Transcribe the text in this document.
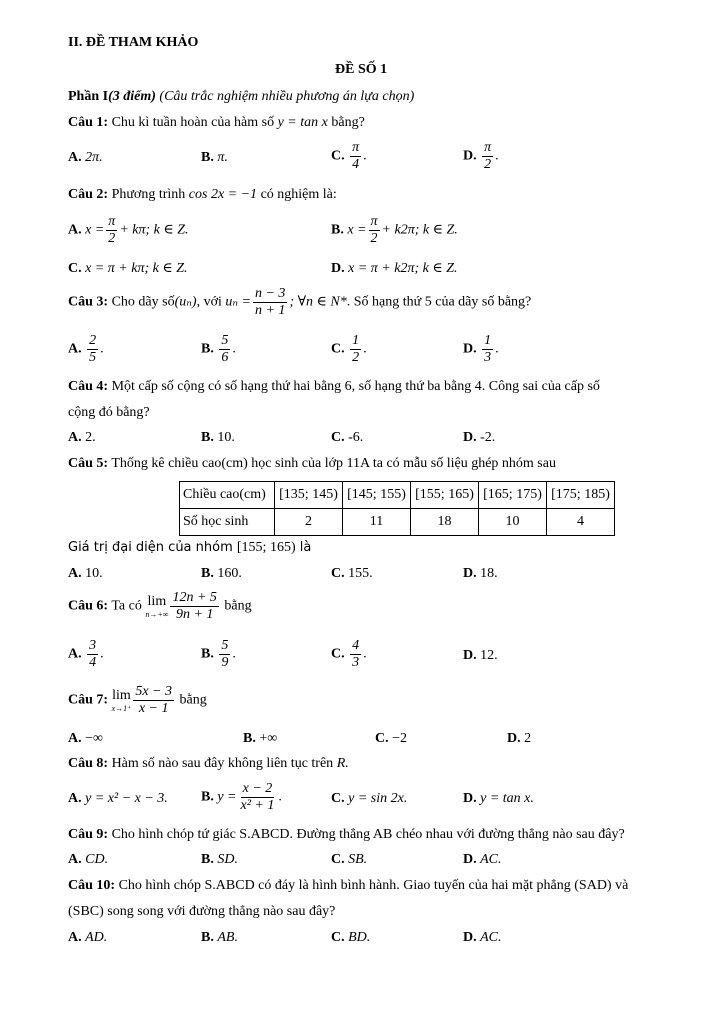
II. ĐỀ THAM KHẢO
ĐỀ SỐ 1
Phần I(3 điểm) (Câu trắc nghiệm nhiều phương án lựa chọn)
Câu 1: Chu kì tuần hoàn của hàm số y = tan x bằng?
A. 2π.	B. π.	C. $\frac{\pi}{4}$ .	D. $\frac{\pi}{2}$ .
Câu 2: Phương trình cos 2x = −1 có nghiệm là:
A. $x = \frac{\pi}{2} + k\pi$; k ∈ Z.	B. $x = \frac{\pi}{2} + k2\pi$; k ∈ Z.
C. x = π + kπ; k ∈ Z.	D. x = π + k2π; k ∈ Z.
Câu 3: Cho dãy số(uₙ), với $u_n = \frac{n - 3}{n + 1}$ ; ∀n ∈ N*. Số hạng thứ 5 của dãy số bằng?
A. $\frac{2}{5}$ .	B. $\frac{5}{6}$ .	C. $\frac{1}{2}$ .	D. $\frac{1}{3}$ .
Câu 4: Một cấp số cộng có số hạng thứ hai bằng 6, số hạng thứ ba bằng 4. Công sai của cấp số
cộng đó bằng?
A. 2.	B. 10.	C. -6.	D. -2.
Câu 5: Thống kê chiều cao(cm) học sinh của lớp 11A ta có mẫu số liệu ghép nhóm sau
Chiều cao(cm)	[135; 145)	[145; 155)	[155; 165)	[165; 175)	[175; 185)
Số học sinh	2	11	18	10	4
Giá trị đại diện của nhóm [155; 165) là
A. 10.	B. 160.	C. 155.	D. 18.
Câu 6: Ta có lim
$n\to+\infty \frac{12n + 5}{9n + 1}$ bằng
A. $\frac{3}{4}$ .	B. $\frac{5}{9}$ .	C. $\frac{4}{3}$ .	D. 12.
Câu 7: lim
$x\to 1^+ \frac{5x - 3}{x - 1}$ bằng
A. −∞	B. +∞	C. −2	D. 2
Câu 8: Hàm số nào sau đây không liên tục trên R.
A. y = x² − x − 3. B. $y = \frac{x - 2}{\text{x² + 1}}$ .	C. y = sin 2x.	D. y = tan x.
Câu 9: Cho hình chóp tứ giác S.ABCD. Đường thẳng AB chéo nhau với đường thẳng nào sau đây?
A. CD.	B. SD.	C. SB.	D. AC.
Câu 10: Cho hình chóp S.ABCD có đáy là hình bình hành. Giao tuyến của hai mặt phẳng (SAD) và
(SBC) song song với đường thẳng nào sau đây?
A. AD.	B. AB.	C. BD.	D. AC.
